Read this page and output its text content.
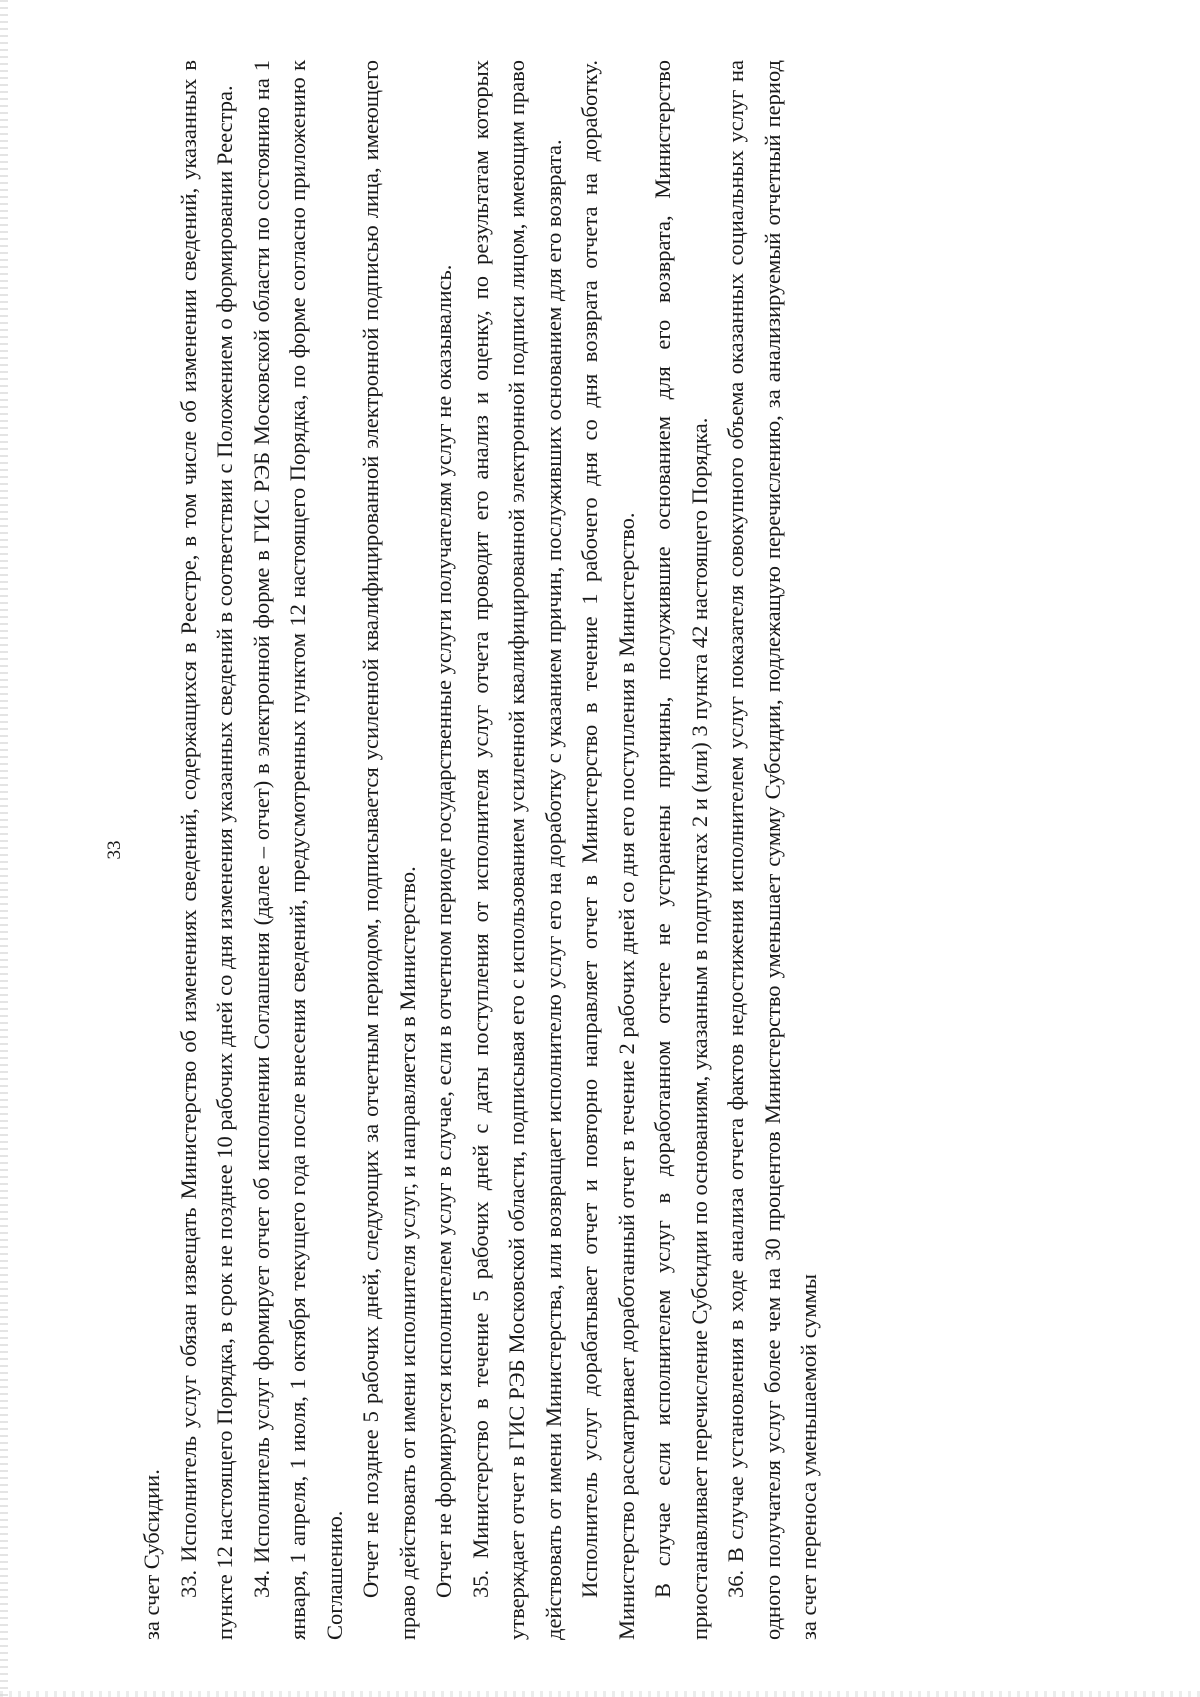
33

за счет Субсидии. 33. Исполнитель услуг обязан извещать Министерство об изменениях сведений, содержащихся в Реестре, в том числе об изменении сведений, указанных в пункте 12 настоящего Порядка, в срок не позднее 10 рабочих дней со дня изменения указанных сведений в соответствии с Положением о формировании Реестра. 34. Исполнитель услуг формирует отчет об исполнении Соглашения (далее – отчет) в электронной форме в ГИС РЭБ Московской области по состоянию на 1 января, 1 апреля, 1 июля, 1 октября текущего года после внесения сведений, предусмотренных пунктом 12 настоящего Порядка, по форме согласно приложению к Соглашению. Отчет не позднее 5 рабочих дней, следующих за отчетным периодом, подписывается усиленной квалифицированной электронной подписью лица, имеющего право действовать от имени исполнителя услуг, и направляется в Министерство. Отчет не формируется исполнителем услуг в случае, если в отчетном периоде государственные услуги получателям услуг не оказывались. 35. Министерство в течение 5 рабочих дней с даты поступления от исполнителя услуг отчета проводит его анализ и оценку, по результатам которых утверждает отчет в ГИС РЭБ Московской области, подписывая его с использованием усиленной квалифицированной электронной подписи лицом, имеющим право действовать от имени Министерства, или возвращает исполнителю услуг его на доработку с указанием причин, послуживших основанием для его возврата. Исполнитель услуг дорабатывает отчет и повторно направляет отчет в Министерство в течение 1 рабочего дня со дня возврата отчета на доработку. Министерство рассматривает доработанный отчет в течение 2 рабочих дней со дня его поступления в Министерство. В случае если исполнителем услуг в доработанном отчете не устранены причины, послужившие основанием для его возврата, Министерство приостанавливает перечисление Субсидии по основаниям, указанным в подпунктах 2 и (или) 3 пункта 42 настоящего Порядка. 36. В случае установления в ходе анализа отчета фактов недостижения исполнителем услуг показателя совокупного объема оказанных социальных услуг на одного получателя услуг более чем на 30 процентов Министерство уменьшает сумму Субсидии, подлежащую перечислению, за анализируемый отчетный период за счет переноса уменьшаемой суммы
